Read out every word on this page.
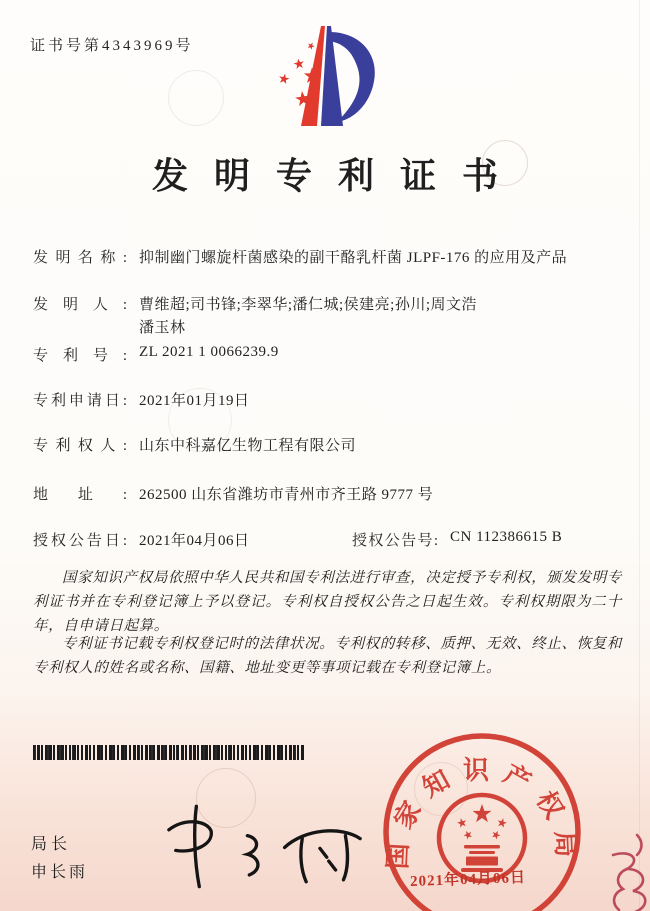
证书号第4343969号
发明专利证书
发明名称: 抑制幽门螺旋杆菌感染的副干酪乳杆菌 JLPF-176 的应用及产品
发明人: 曹维超;司书锋;李翠华;潘仁城;侯建亮;孙川;周文浩
潘玉林
专利号: ZL 2021 1 0066239.9
专利申请日: 2021年01月19日
专利权人: 山东中科嘉亿生物工程有限公司
地址: 262500 山东省潍坊市青州市齐王路 9777 号
授权公告日: 2021年04月06日	授权公告号: CN 112386615 B
国家知识产权局依照中华人民共和国专利法进行审查，决定授予专利权，颁发发明专利证书并在专利登记簿上予以登记。专利权自授权公告之日起生效。专利权期限为二十年，自申请日起算。
专利证书记载专利权登记时的法律状况。专利权的转移、质押、无效、终止、恢复和专利权人的姓名或名称、国籍、地址变更等事项记载在专利登记簿上。
局长
申长雨
国家知识产权局
2021年04月06日
